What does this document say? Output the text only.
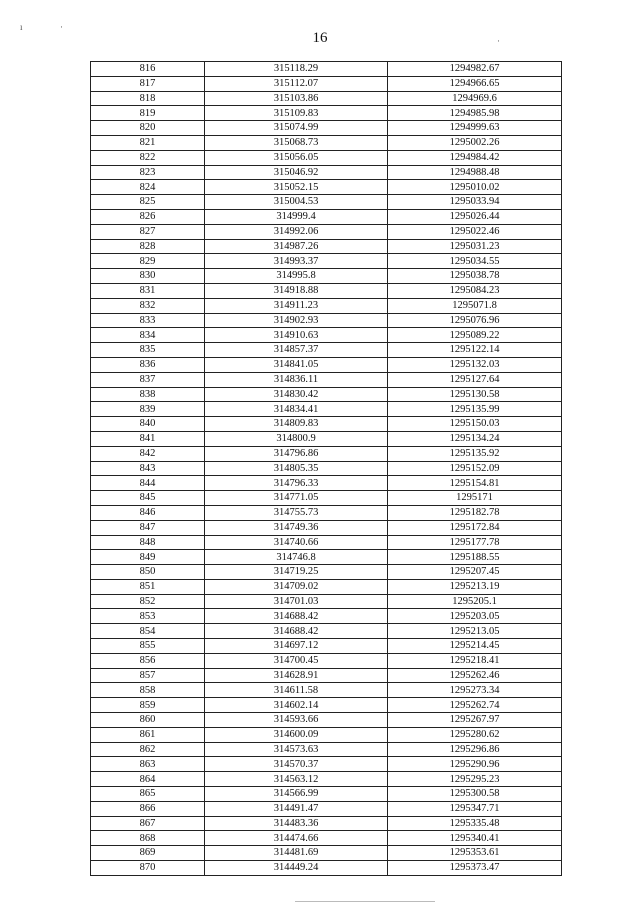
ı	·
·
16
816	315118.29	1294982.67
817	315112.07	1294966.65
818	315103.86	1294969.6
819	315109.83	1294985.98
820	315074.99	1294999.63
821	315068.73	1295002.26
822	315056.05	1294984.42
823	315046.92	1294988.48
824	315052.15	1295010.02
825	315004.53	1295033.94
826	314999.4	1295026.44
827	314992.06	1295022.46
828	314987.26	1295031.23
829	314993.37	1295034.55
830	314995.8	1295038.78
831	314918.88	1295084.23
832	314911.23	1295071.8
833	314902.93	1295076.96
834	314910.63	1295089.22
835	314857.37	1295122.14
836	314841.05	1295132.03
837	314836.11	1295127.64
838	314830.42	1295130.58
839	314834.41	1295135.99
840	314809.83	1295150.03
841	314800.9	1295134.24
842	314796.86	1295135.92
843	314805.35	1295152.09
844	314796.33	1295154.81
845	314771.05	1295171
846	314755.73	1295182.78
847	314749.36	1295172.84
848	314740.66	1295177.78
849	314746.8	1295188.55
850	314719.25	1295207.45
851	314709.02	1295213.19
852	314701.03	1295205.1
853	314688.42	1295203.05
854	314688.42	1295213.05
855	314697.12	1295214.45
856	314700.45	1295218.41
857	314628.91	1295262.46
858	314611.58	1295273.34
859	314602.14	1295262.74
860	314593.66	1295267.97
861	314600.09	1295280.62
862	314573.63	1295296.86
863	314570.37	1295290.96
864	314563.12	1295295.23
865	314566.99	1295300.58
866	314491.47	1295347.71
867	314483.36	1295335.48
868	314474.66	1295340.41
869	314481.69	1295353.61
870	314449.24	1295373.47
